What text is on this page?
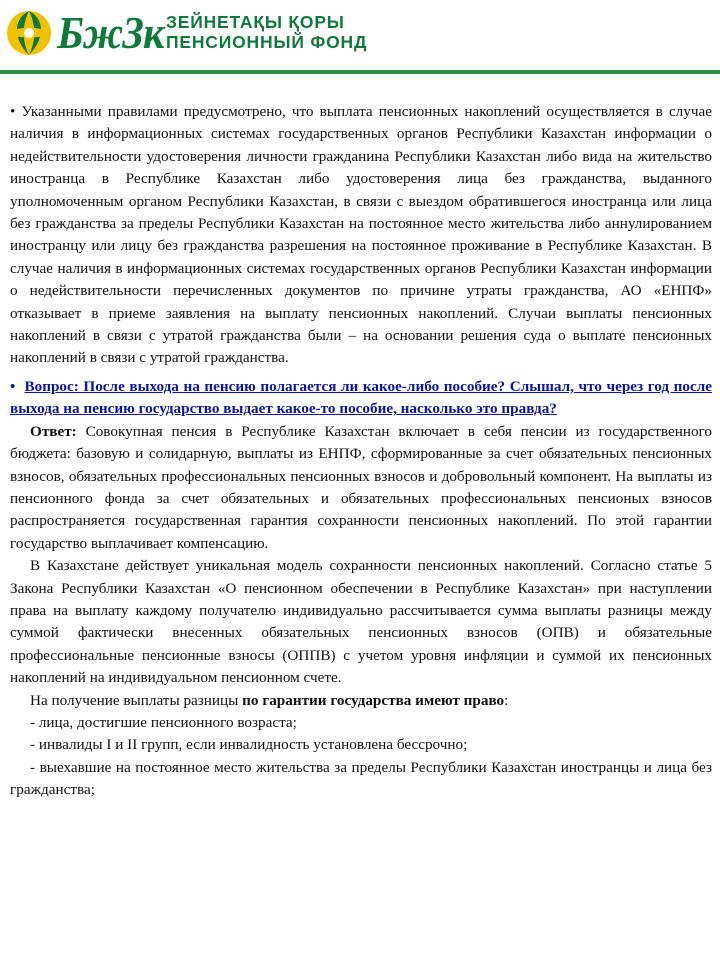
БжЗк ЗЕЙНЕТАҚЫ ҚОРЫ
ПЕНСИОННЫЙ ФОНД

• Указанными правилами предусмотрено, что выплата пенсионных накоплений осуществляется в случае наличия в информационных системах государственных органов Республики Казахстан информации о недействительности удостоверения личности гражданина Республики Казахстан либо вида на жительство иностранца в Республике Казахстан либо удостоверения лица без гражданства, выданного уполномоченным органом Республики Казахстан, в связи с выездом обратившегося иностранца или лица без гражданства за пределы Республики Казахстан на постоянное место жительства либо аннулированием иностранцу или лицу без гражданства разрешения на постоянное проживание в Республике Казахстан. В случае наличия в информационных системах государственных органов Республики Казахстан информации о недействительности перечисленных документов по причине утраты гражданства, АО «ЕНПФ» отказывает в приеме заявления на выплату пенсионных накоплений. Случаи выплаты пенсионных накоплений в связи с утратой гражданства были – на основании решения суда о выплате пенсионных накоплений в связи с утратой гражданства.

•  Вопрос: После выхода на пенсию полагается ли какое-либо пособие? Слышал, что через год после выхода на пенсию государство выдает какое-то пособие, насколько это правда?

Ответ: Совокупная пенсия в Республике Казахстан включает в себя пенсии из государственного бюджета: базовую и солидарную, выплаты из ЕНПФ, сформированные за счет обязательных пенсионных взносов, обязательных профессиональных пенсионных взносов и добровольный компонент. На выплаты из пенсионного фонда за счет обязательных и обязательных профессиональных пенсионых взносов распространяется государственная гарантия сохранности пенсионных накоплений. По этой гарантии государство выплачивает компенсацию.

В Казахстане действует уникальная модель сохранности пенсионных накоплений. Согласно статье 5 Закона Республики Казахстан «О пенсионном обеспечении в Республике Казахстан» при наступлении права на выплату каждому получателю индивидуально рассчитывается сумма выплаты разницы между суммой фактически внесенных обязательных пенсионных взносов (ОПВ) и обязательные профессиональные пенсионные взносы (ОППВ) с учетом уровня инфляции и суммой их пенсионных накоплений на индивидуальном пенсионном счете.

На получение выплаты разницы по гарантии государства имеют право:

- лица, достигшие пенсионного возраста;

- инвалиды I и II групп, если инвалидность установлена бессрочно;

- выехавшие на постоянное место жительства за пределы Республики Казахстан иностранцы и лица без гражданства;
